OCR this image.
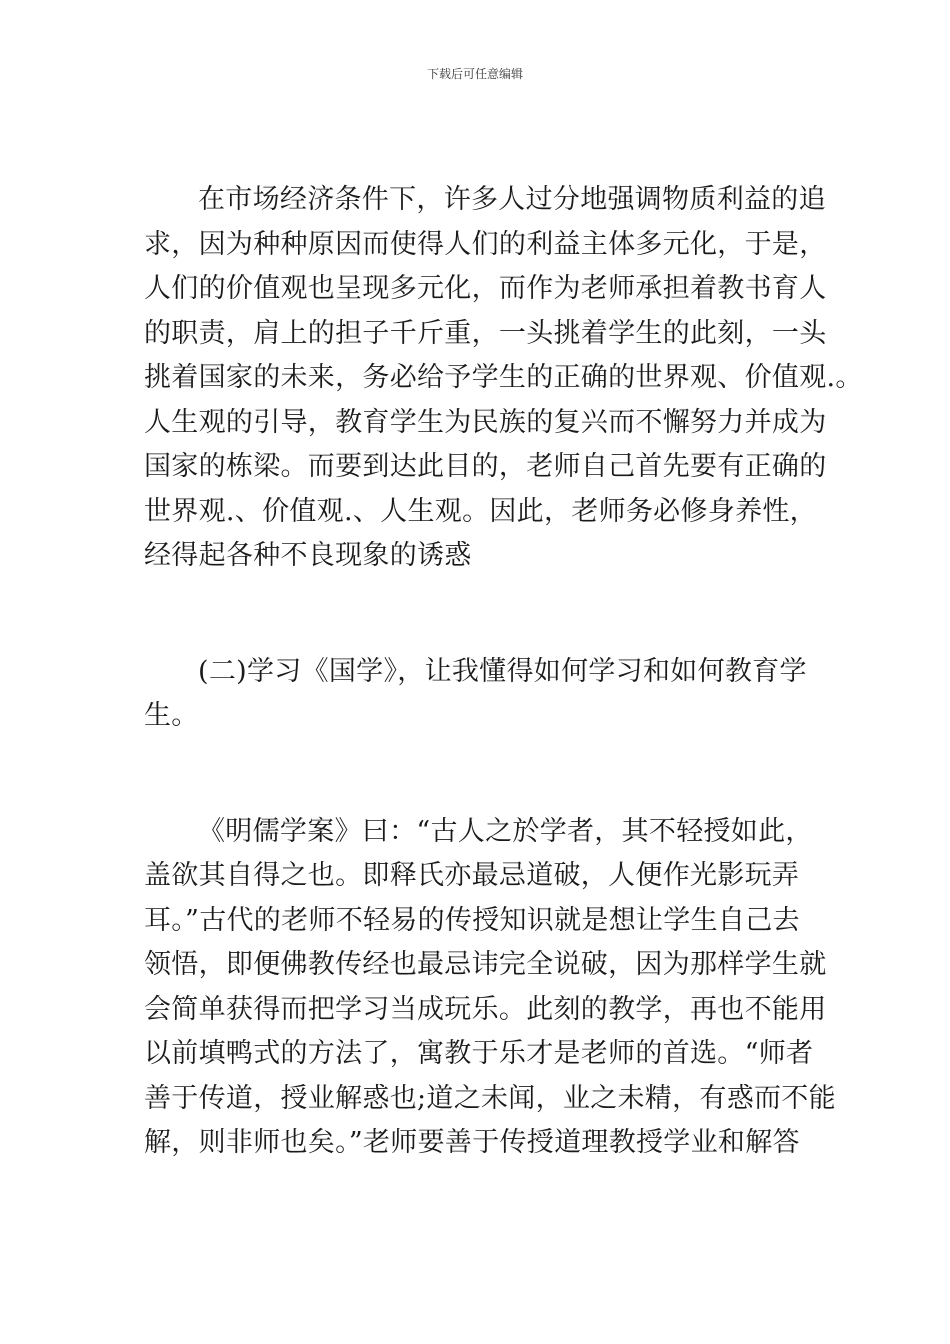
下载后可任意编辑

在市场经济条件下，许多人过分地强调物质利益的追
求，因为种种原因而使得人们的利益主体多元化，于是，
人们的价值观也呈现多元化，而作为老师承担着教书育人
的职责，肩上的担子千斤重，一头挑着学生的此刻，一头
挑着国家的未来，务必给予学生的正确的世界观、价值观.。
人生观的引导，教育学生为民族的复兴而不懈努力并成为
国家的栋梁。而要到达此目的，老师自己首先要有正确的
世界观.、价值观.、人生观。因此，老师务必修身养性，
经得起各种不良现象的诱惑

(二)学习《国学》，让我懂得如何学习和如何教育学
生。

《明儒学案》曰：“古人之於学者，其不轻授如此，
盖欲其自得之也。即释氏亦最忌道破，人便作光影玩弄
耳。”古代的老师不轻易的传授知识就是想让学生自己去
领悟，即便佛教传经也最忌讳完全说破，因为那样学生就
会简单获得而把学习当成玩乐。此刻的教学，再也不能用
以前填鸭式的方法了，寓教于乐才是老师的首选。“师者
善于传道，授业解惑也;道之未闻，业之未精，有惑而不能
解，则非师也矣。”老师要善于传授道理教授学业和解答
